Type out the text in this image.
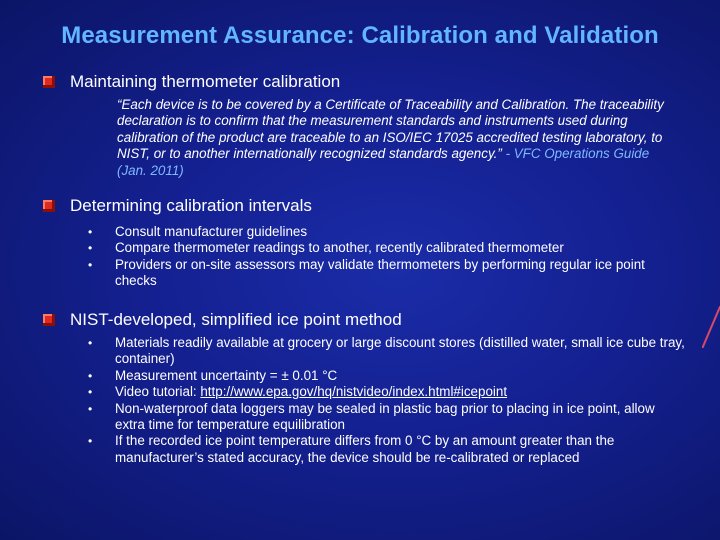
Measurement Assurance: Calibration and Validation
Maintaining thermometer calibration
“Each device is to be covered by a Certificate of Traceability and Calibration. The traceability declaration is to confirm that the measurement standards and instruments used during calibration of the product are traceable to an ISO/IEC 17025 accredited testing laboratory, to NIST, or to another internationally recognized standards agency.” - VFC Operations Guide (Jan. 2011)
Determining calibration intervals
• Consult manufacturer guidelines
• Compare thermometer readings to another, recently calibrated thermometer
• Providers or on-site assessors may validate thermometers by performing regular ice point checks
NIST-developed, simplified ice point method
• Materials readily available at grocery or large discount stores (distilled water, small ice cube tray, container)
• Measurement uncertainty = ± 0.01 °C
• Video tutorial: http://www.epa.gov/hq/nistvideo/index.html#icepoint
• Non-waterproof data loggers may be sealed in plastic bag prior to placing in ice point, allow extra time for temperature equilibration
• If the recorded ice point temperature differs from 0 °C by an amount greater than the manufacturer’s stated accuracy, the device should be re-calibrated or replaced
